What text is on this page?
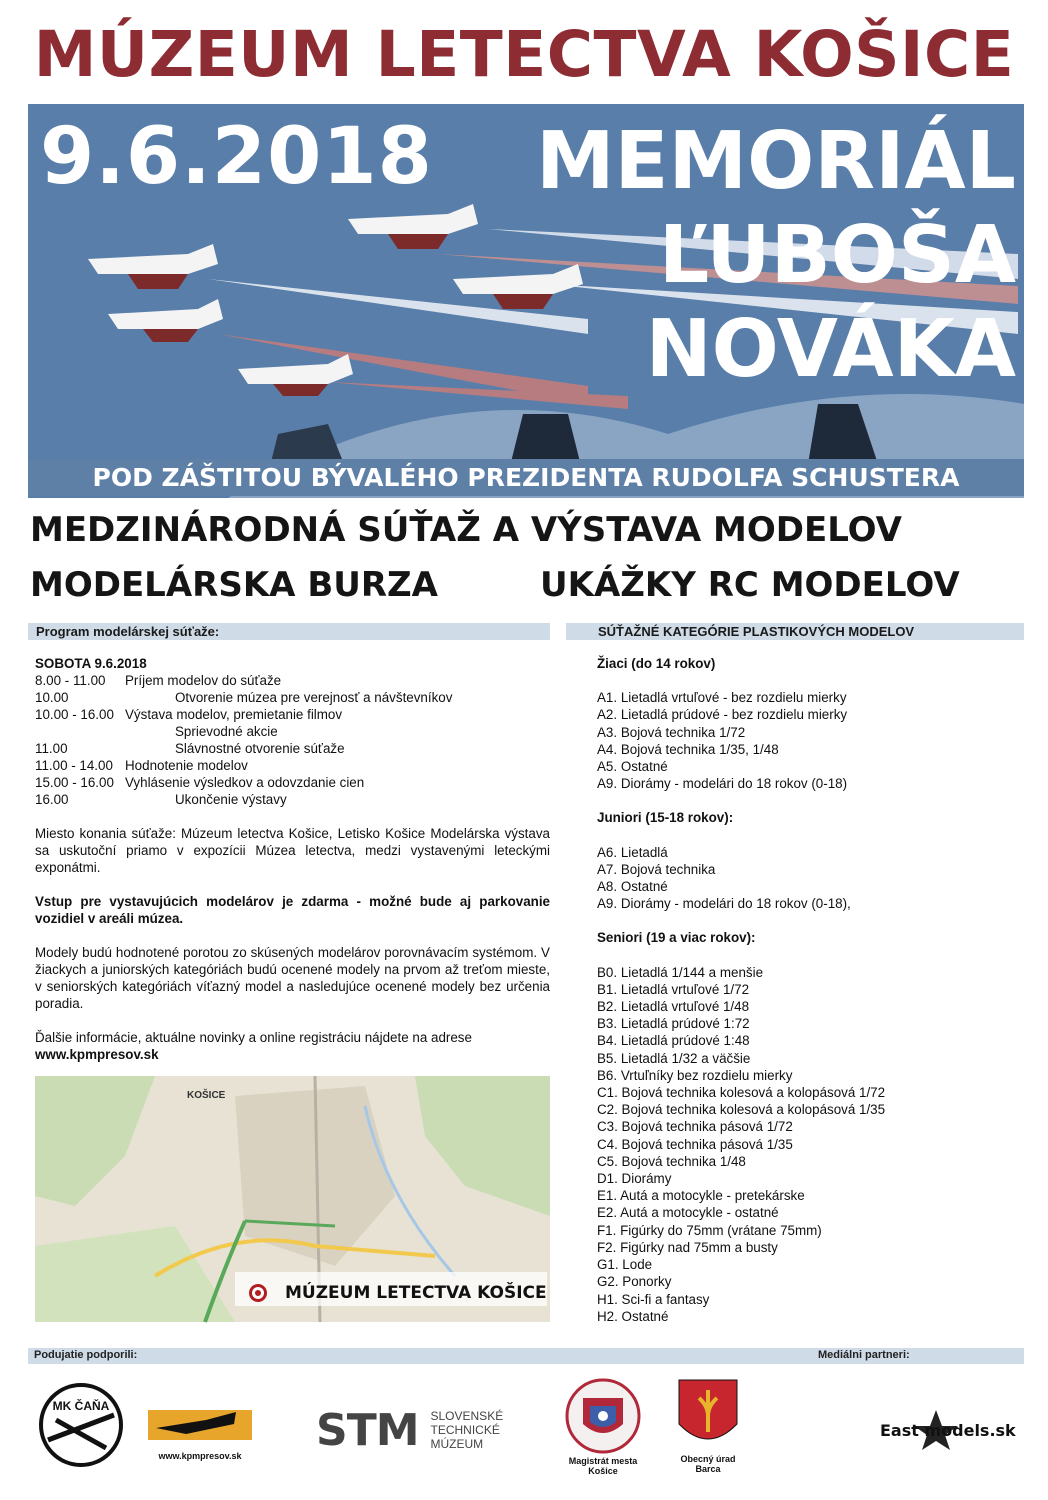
MÚZEUM LETECTVA KOŠICE
9.6.2018	MEMORIÁL
ĽUBOŠA
NOVÁKA
POD ZÁŠTITOU BÝVALÉHO PREZIDENTA RUDOLFA SCHUSTERA
MEDZINÁRODNÁ SÚŤAŽ A VÝSTAVA MODELOV
MODELÁRSKA BURZA	UKÁŽKY RC MODELOV
Program modelárskej súťaže:	SÚŤAŽNÉ KATEGÓRIE PLASTIKOVÝCH MODELOV
SOBOTA 9.6.2018
8.00 - 11.00	Príjem modelov do súťaže
10.00	Otvorenie múzea pre verejnosť a návštevníkov
10.00 - 16.00 Výstava modelov, premietanie filmov
Sprievodné akcie
11.00	Slávnostné otvorenie súťaže
11.00 - 14.00 Hodnotenie modelov
15.00 - 16.00 Vyhlásenie výsledkov a odovzdanie cien
16.00	Ukončenie výstavy
Miesto konania súťaže: Múzeum letectva Košice, Letisko Košice Modelárska výstava sa uskutoční priamo v expozícii Múzea letectva, medzi vystavenými leteckými exponátmi.
Vstup pre vystavujúcich modelárov je zdarma - možné bude aj parkovanie vozidiel v areáli múzea.
Modely budú hodnotené porotou zo skúsených modelárov porovnávacím systémom. V žiackych a juniorských kategóriách budú ocenené modely na prvom až treťom mieste, v seniorských kategóriách víťazný model a nasledujúce ocenené modely bez určenia poradia.
Ďalšie informácie, aktuálne novinky a online registráciu nájdete na adrese
www.kpmpresov.sk
KOŠICE
MÚZEUM LETECTVA KOŠICE
Žiaci (do 14 rokov)
A1. Lietadlá vrtuľové - bez rozdielu mierky
A2. Lietadlá prúdové - bez rozdielu mierky
A3. Bojová technika 1/72
A4. Bojová technika 1/35, 1/48
A5. Ostatné
A9. Diorámy - modelári do 18 rokov (0-18)
Juniori (15-18 rokov):
A6. Lietadlá
A7. Bojová technika
A8. Ostatné
A9. Diorámy - modelári do 18 rokov (0-18),
Seniori (19 a viac rokov):
B0. Lietadlá 1/144 a menšie
B1. Lietadlá vrtuľové 1/72
B2. Lietadlá vrtuľové 1/48
B3. Lietadlá prúdové 1:72
B4. Lietadlá prúdové 1:48
B5. Lietadlá 1/32 a väčšie
B6. Vrtuľníky bez rozdielu mierky
C1. Bojová technika kolesová a kolopásová 1/72
C2. Bojová technika kolesová a kolopásová 1/35
C3. Bojová technika pásová 1/72
C4. Bojová technika pásová 1/35
C5. Bojová technika 1/48
D1. Diorámy
E1. Autá a motocykle - pretekárske
E2. Autá a motocykle - ostatné
F1. Figúrky do 75mm (vrátane 75mm)
F2. Figúrky nad 75mm a busty
G1. Lode
G2. Ponorky
H1. Sci-fi a fantasy
H2. Ostatné
Podujatie podporili:	Mediálni partneri:
MK ČAŇA
www.kpmpresov.sk
STM SLOVENSKÉ
TECHNICKÉ
MÚZEUM
Magistrát mesta
Košice
Obecný úrad
Barca
East models.sk
